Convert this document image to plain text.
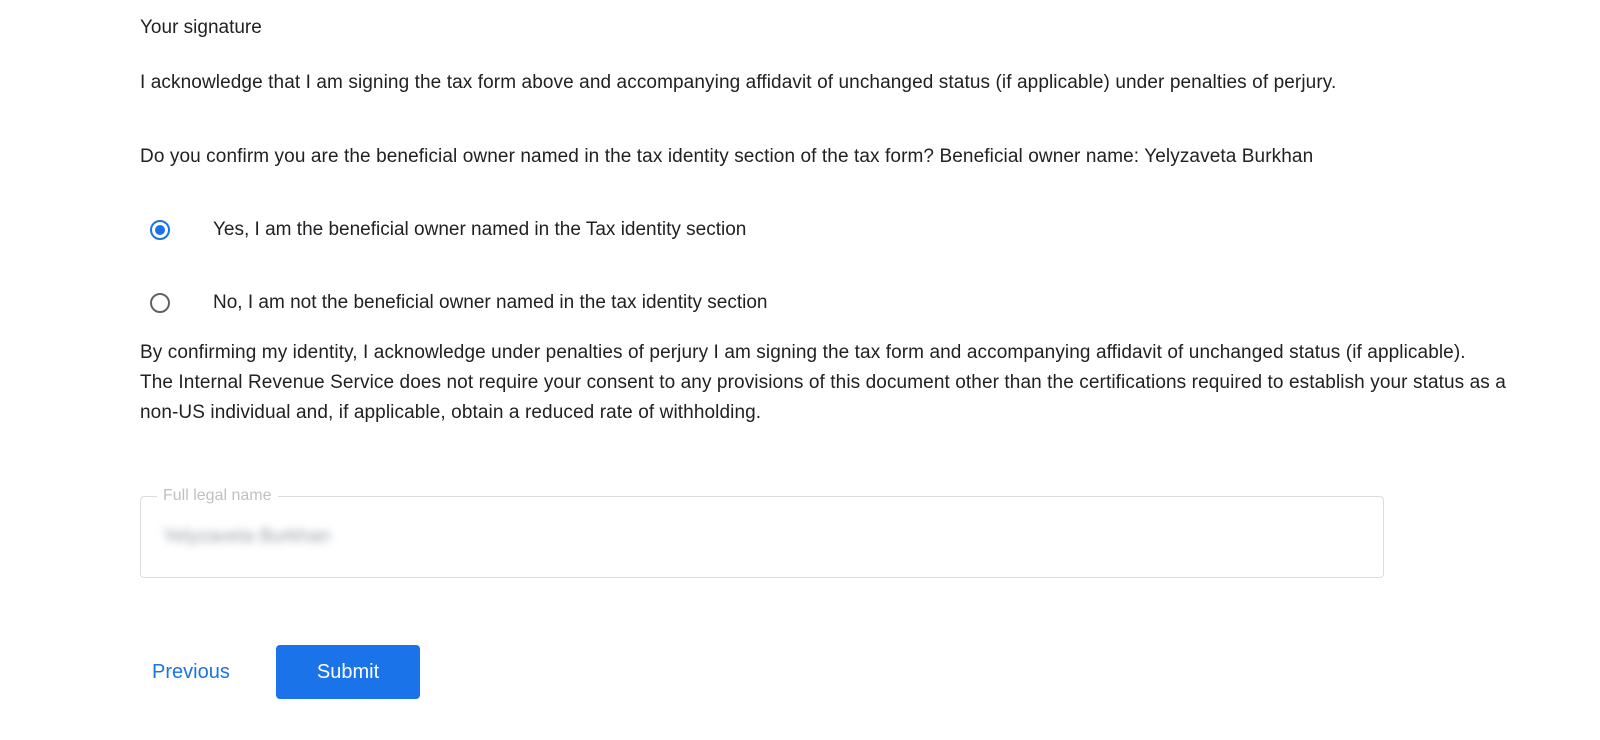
Your signature
I acknowledge that I am signing the tax form above and accompanying affidavit of unchanged status (if applicable) under penalties of perjury.
Do you confirm you are the beneficial owner named in the tax identity section of the tax form? Beneficial owner name: Yelyzaveta Burkhan
Yes, I am the beneficial owner named in the Tax identity section
No, I am not the beneficial owner named in the tax identity section
By confirming my identity, I acknowledge under penalties of perjury I am signing the tax form and accompanying affidavit of unchanged status (if applicable).
The Internal Revenue Service does not require your consent to any provisions of this document other than the certifications required to establish your status as a non-US individual and, if applicable, obtain a reduced rate of withholding.
Full legal name
Yelyzaveta Burkhan
Previous	Submit
